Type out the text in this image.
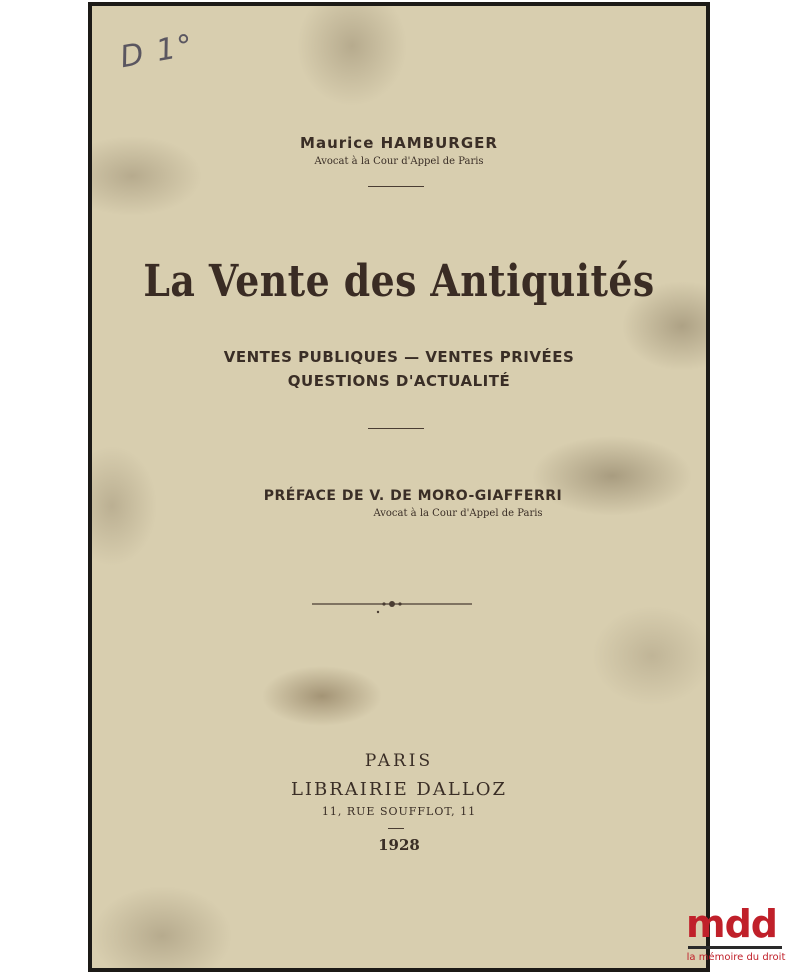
D 1°
Maurice HAMBURGER
Avocat à la Cour d'Appel de Paris
La Vente des Antiquités
VENTES PUBLIQUES — VENTES PRIVÉES
QUESTIONS D'ACTUALITÉ
PRÉFACE DE V. DE MORO-GIAFFERRI
Avocat à la Cour d'Appel de Paris
PARIS
LIBRAIRIE DALLOZ
11, RUE SOUFFLOT, 11
1928
mdd
la mémoire du droit
